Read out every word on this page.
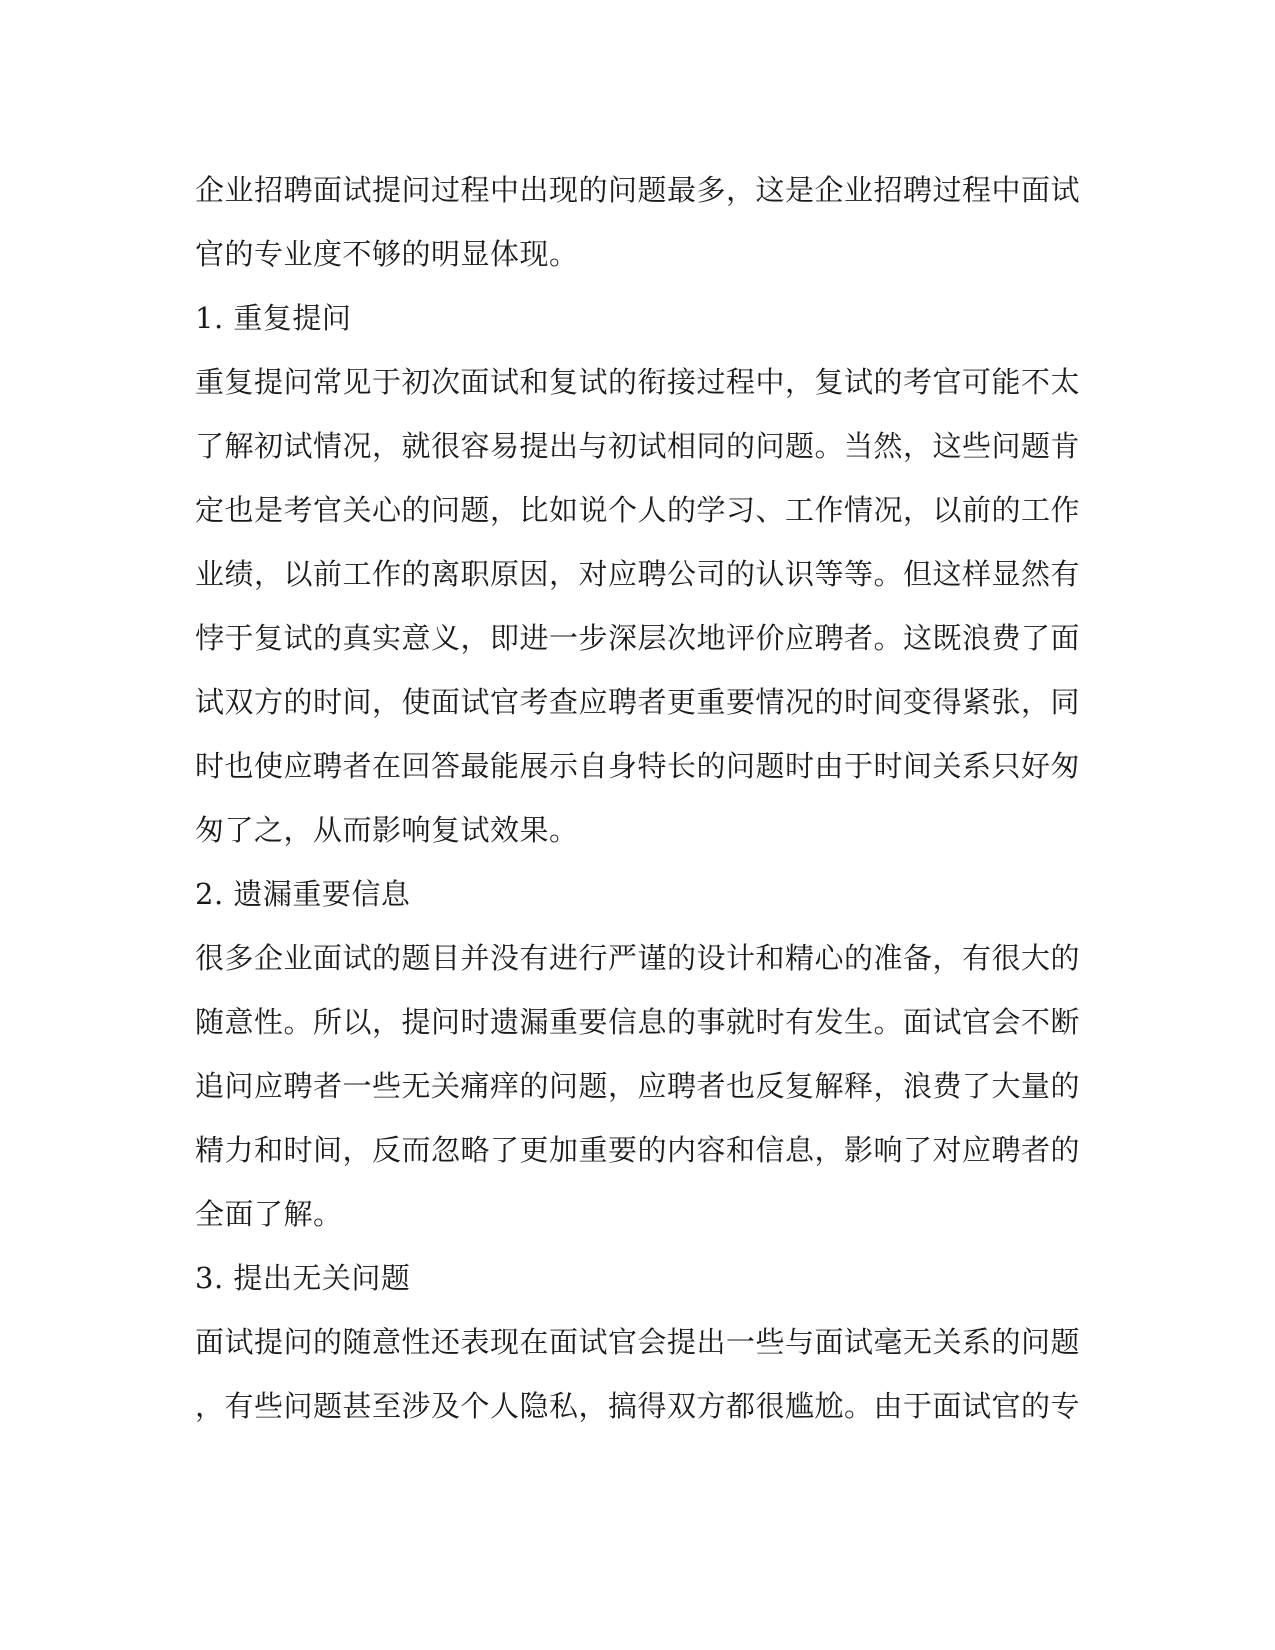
企业招聘面试提问过程中出现的问题最多，这是企业招聘过程中面试
官的专业度不够的明显体现。
1. 重复提问
重复提问常见于初次面试和复试的衔接过程中，复试的考官可能不太
了解初试情况，就很容易提出与初试相同的问题。当然，这些问题肯
定也是考官关心的问题，比如说个人的学习、工作情况，以前的工作
业绩，以前工作的离职原因，对应聘公司的认识等等。但这样显然有
悖于复试的真实意义，即进一步深层次地评价应聘者。这既浪费了面
试双方的时间，使面试官考查应聘者更重要情况的时间变得紧张，同
时也使应聘者在回答最能展示自身特长的问题时由于时间关系只好匆
匆了之，从而影响复试效果。
2. 遗漏重要信息
很多企业面试的题目并没有进行严谨的设计和精心的准备，有很大的
随意性。所以，提问时遗漏重要信息的事就时有发生。面试官会不断
追问应聘者一些无关痛痒的问题，应聘者也反复解释，浪费了大量的
精力和时间，反而忽略了更加重要的内容和信息，影响了对应聘者的
全面了解。
3. 提出无关问题
面试提问的随意性还表现在面试官会提出一些与面试毫无关系的问题
，有些问题甚至涉及个人隐私，搞得双方都很尴尬。由于面试官的专
